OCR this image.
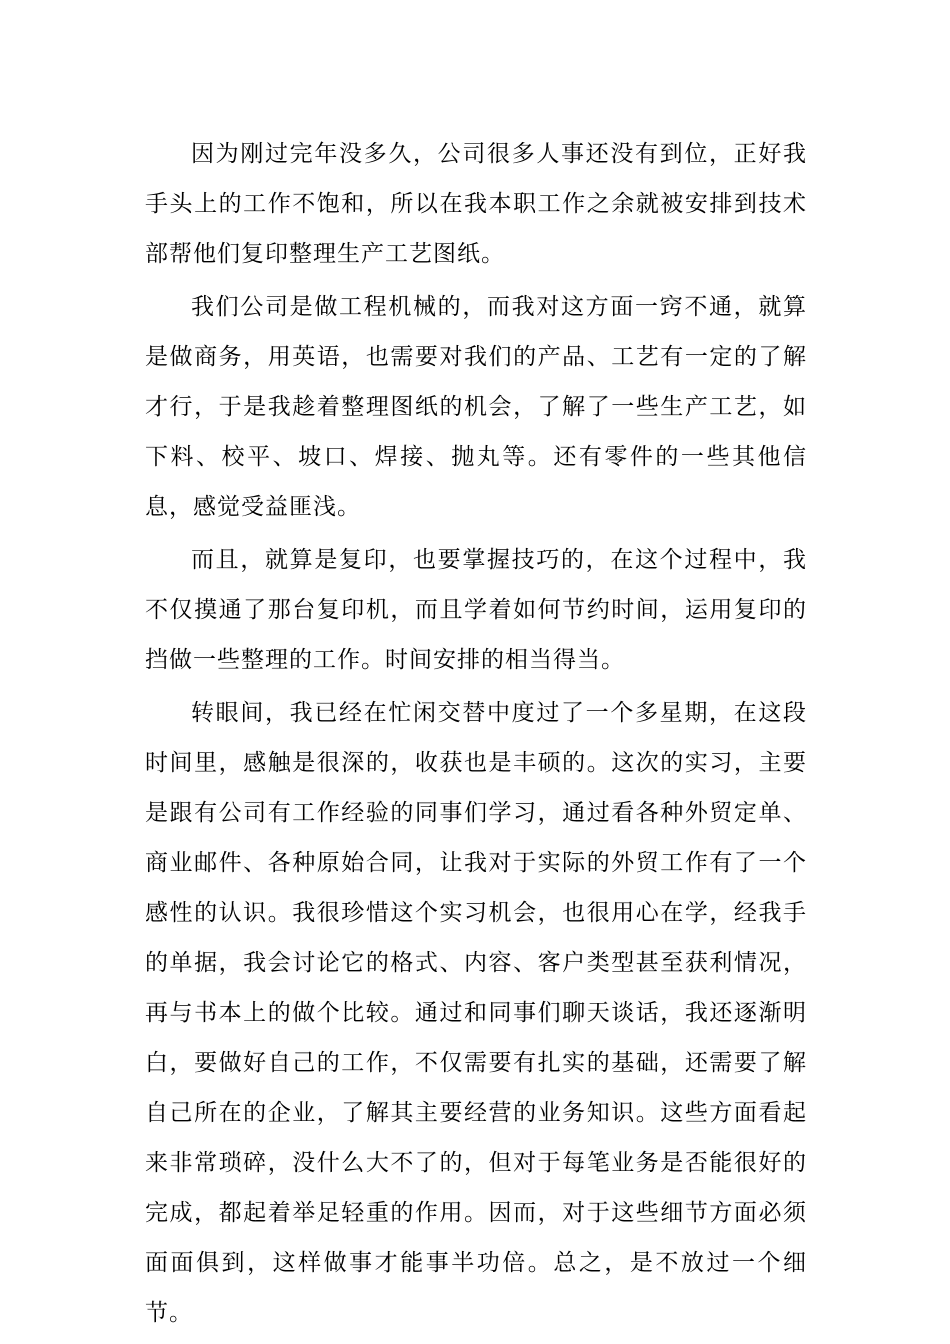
因为刚过完年没多久，公司很多人事还没有到位，正好我手头上的工作不饱和，所以在我本职工作之余就被安排到技术部帮他们复印整理生产工艺图纸。

我们公司是做工程机械的，而我对这方面一窍不通，就算是做商务，用英语，也需要对我们的产品、工艺有一定的了解才行，于是我趁着整理图纸的机会，了解了一些生产工艺，如下料、校平、坡口、焊接、抛丸等。还有零件的一些其他信息，感觉受益匪浅。

而且，就算是复印，也要掌握技巧的，在这个过程中，我不仅摸通了那台复印机，而且学着如何节约时间，运用复印的挡做一些整理的工作。时间安排的相当得当。

转眼间，我已经在忙闲交替中度过了一个多星期，在这段时间里，感触是很深的，收获也是丰硕的。这次的实习，主要是跟有公司有工作经验的同事们学习，通过看各种外贸定单、商业邮件、各种原始合同，让我对于实际的外贸工作有了一个感性的认识。我很珍惜这个实习机会，也很用心在学，经我手的单据，我会讨论它的格式、内容、客户类型甚至获利情况，再与书本上的做个比较。通过和同事们聊天谈话，我还逐渐明白，要做好自己的工作，不仅需要有扎实的基础，还需要了解自己所在的企业，了解其主要经营的业务知识。这些方面看起来非常琐碎，没什么大不了的，但对于每笔业务是否能很好的完成，都起着举足轻重的作用。因而，对于这些细节方面必须面面俱到，这样做事才能事半功倍。总之，是不放过一个细节。
